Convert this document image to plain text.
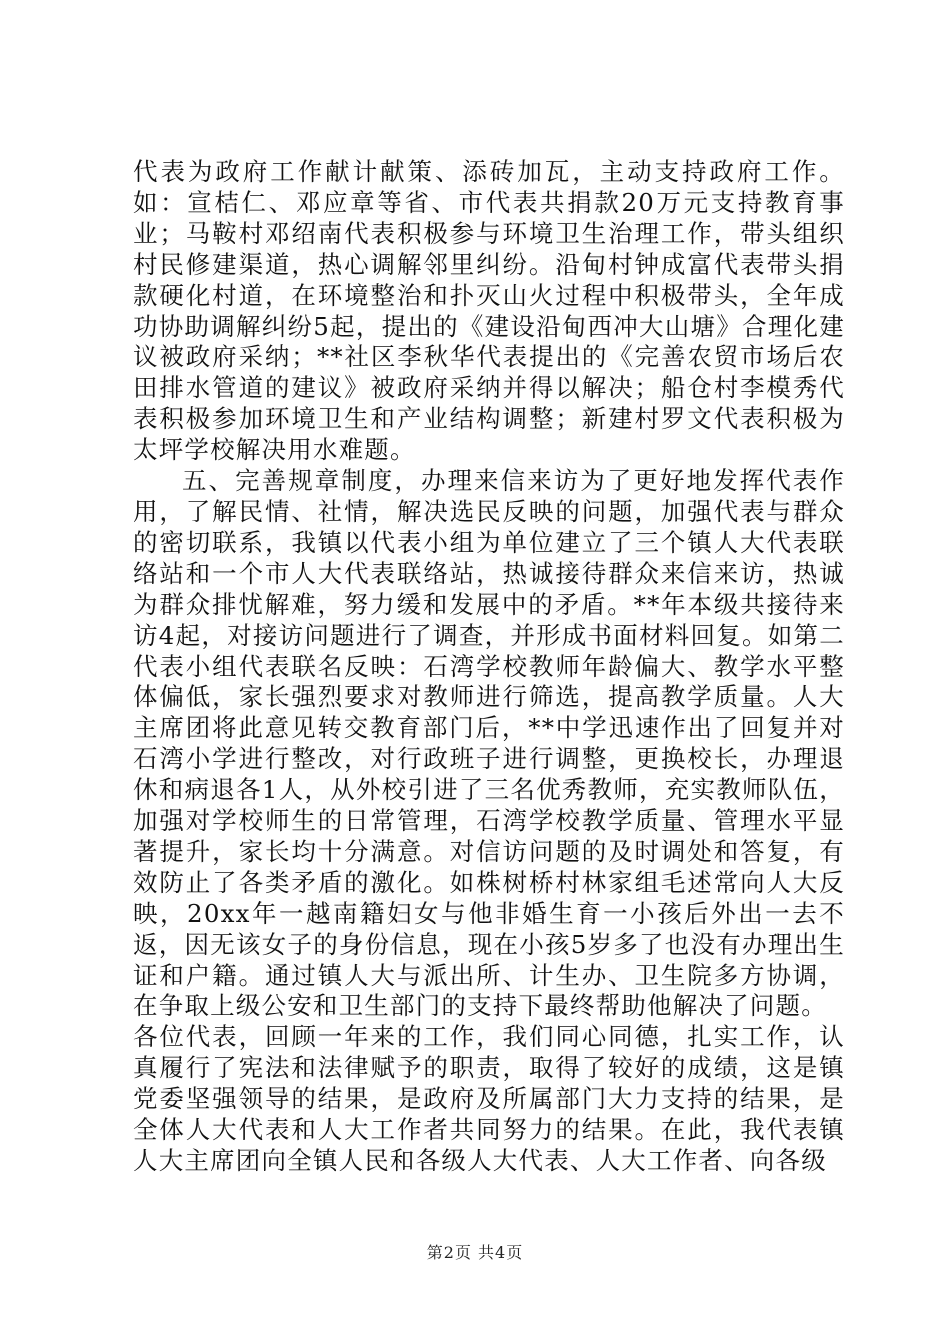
代表为政府工作献计献策、添砖加瓦，主动支持政府工作。如：宣桔仁、邓应章等省、市代表共捐款20万元支持教育事业；马鞍村邓绍南代表积极参与环境卫生治理工作，带头组织村民修建渠道，热心调解邻里纠纷。沿甸村钟成富代表带头捐款硬化村道，在环境整治和扑灭山火过程中积极带头，全年成功协助调解纠纷5起，提出的《建设沿甸西冲大山塘》合理化建议被政府采纳；**社区李秋华代表提出的《完善农贸市场后农田排水管道的建议》被政府采纳并得以解决；船仓村李模秀代表积极参加环境卫生和产业结构调整；新建村罗文代表积极为太坪学校解决用水难题。

五、完善规章制度，办理来信来访为了更好地发挥代表作用，了解民情、社情，解决选民反映的问题，加强代表与群众的密切联系，我镇以代表小组为单位建立了三个镇人大代表联络站和一个市人大代表联络站，热诚接待群众来信来访，热诚为群众排忧解难，努力缓和发展中的矛盾。**年本级共接待来访4起，对接访问题进行了调查，并形成书面材料回复。如第二代表小组代表联名反映：石湾学校教师年龄偏大、教学水平整体偏低，家长强烈要求对教师进行筛选，提高教学质量。人大主席团将此意见转交教育部门后，**中学迅速作出了回复并对石湾小学进行整改，对行政班子进行调整，更换校长，办理退休和病退各1人，从外校引进了三名优秀教师，充实教师队伍，加强对学校师生的日常管理，石湾学校教学质量、管理水平显著提升，家长均十分满意。对信访问题的及时调处和答复，有效防止了各类矛盾的激化。如株树桥村林家组毛述常向人大反映，20xx年一越南籍妇女与他非婚生育一小孩后外出一去不返，因无该女子的身份信息，现在小孩5岁多了也没有办理出生证和户籍。通过镇人大与派出所、计生办、卫生院多方协调，在争取上级公安和卫生部门的支持下最终帮助他解决了问题。

各位代表，回顾一年来的工作，我们同心同德，扎实工作，认真履行了宪法和法律赋予的职责，取得了较好的成绩，这是镇党委坚强领导的结果，是政府及所属部门大力支持的结果，是全体人大代表和人大工作者共同努力的结果。在此，我代表镇人大主席团向全镇人民和各级人大代表、人大工作者、向各级

第2页 共4页
